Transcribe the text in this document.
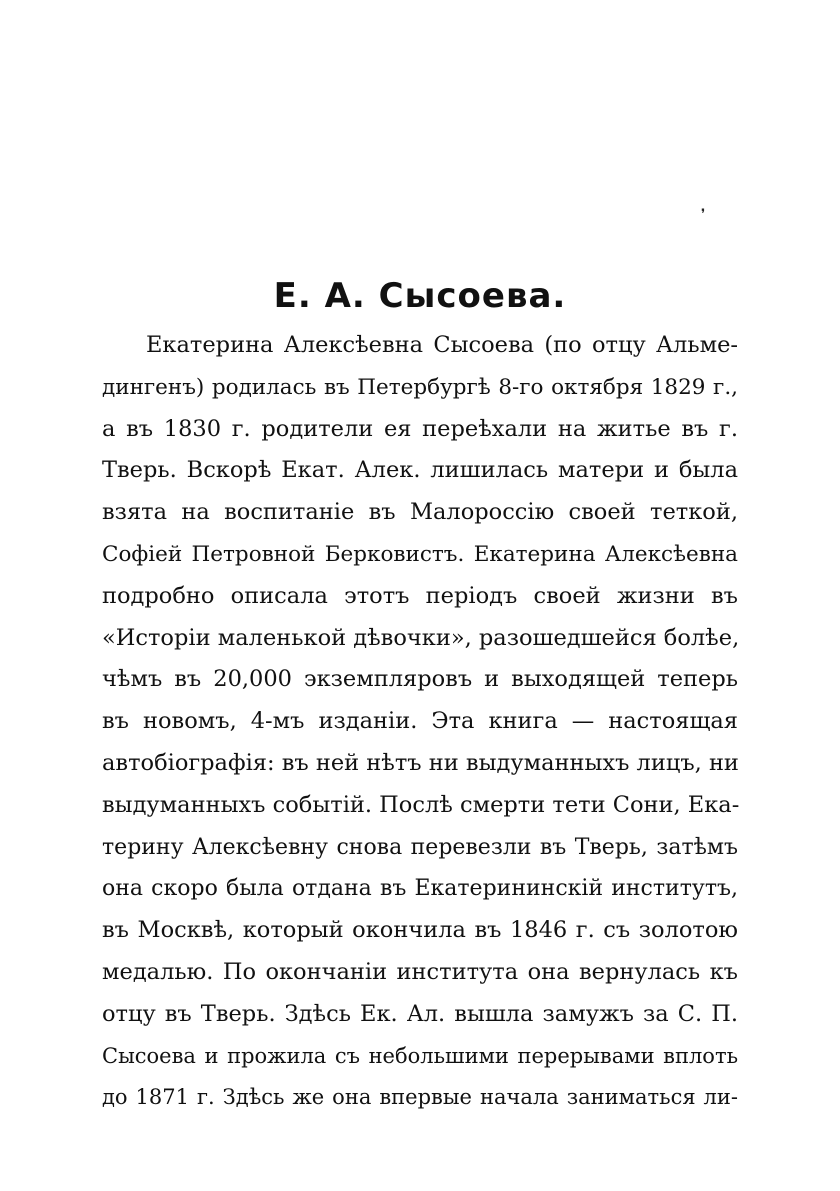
❜
Е. А. Сысоева.
Екатерина Алексѣевна Сысоева (по отцу Альме-
дингенъ) родилась въ Петербургѣ 8-го октября 1829 г.,
а въ 1830 г. родители ея переѣхали на житье въ г.
Тверь. Вскорѣ Екат. Алек. лишилась матери и была
взята на воспитаніе въ Малороссію своей теткой,
Софіей Петровной Берковистъ. Екатерина Алексѣевна
подробно описала этотъ періодъ своей жизни въ
«Исторіи маленькой дѣвочки», разошедшейся болѣе,
чѣмъ въ 20,000 экземпляровъ и выходящей теперь
въ новомъ, 4-мъ изданіи. Эта книга — настоящая
автобіографія: въ ней нѣтъ ни выдуманныхъ лицъ, ни
выдуманныхъ событій. Послѣ смерти тети Сони, Ека-
терину Алексѣевну снова перевезли въ Тверь, затѣмъ
она скоро была отдана въ Екатерининскій институтъ,
въ Москвѣ, который окончила въ 1846 г. съ золотою
медалью. По окончаніи института она вернулась къ
отцу въ Тверь. Здѣсь Ек. Ал. вышла замужъ за С. П.
Сысоева и прожила съ небольшими перерывами вплоть
до 1871 г. Здѣсь же она впервые начала заниматься ли-
